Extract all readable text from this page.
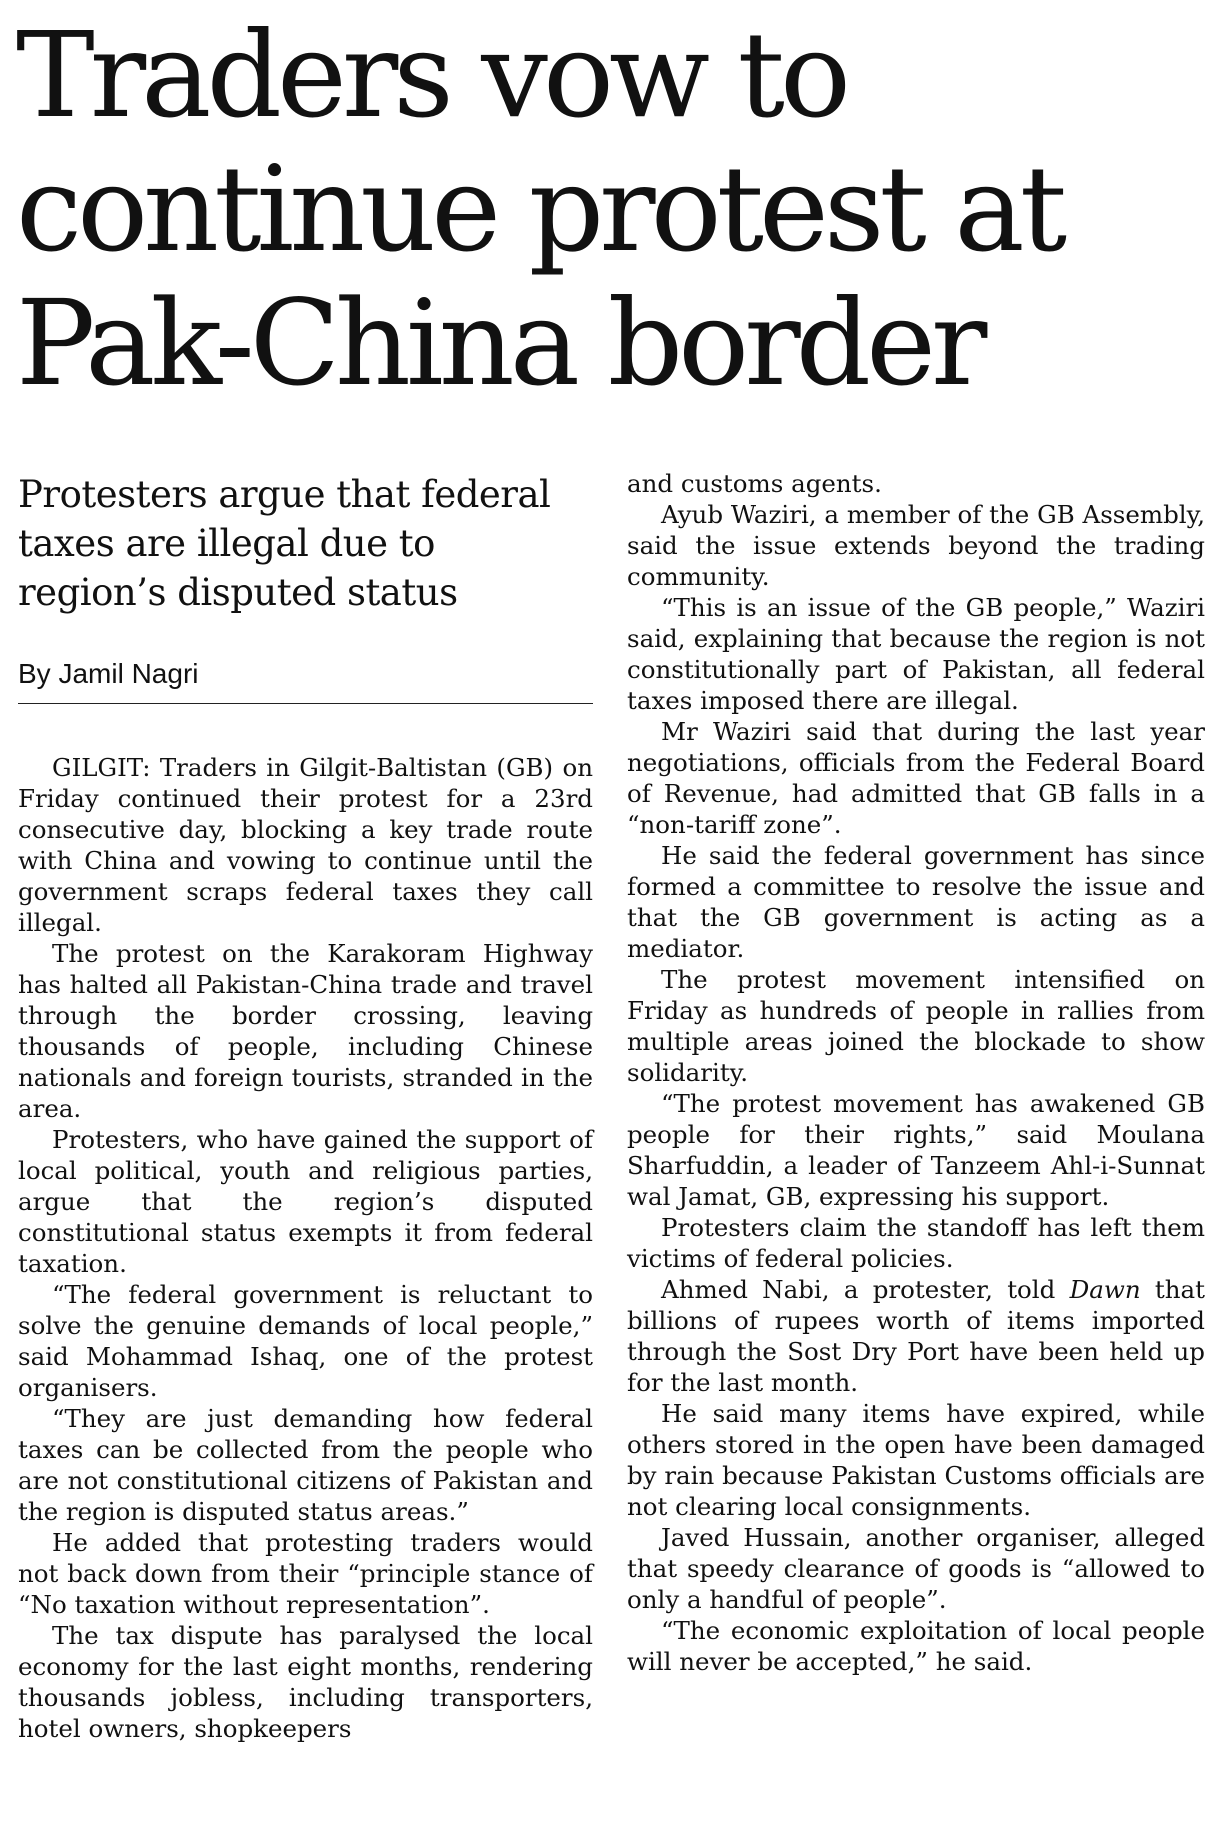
Traders vow to continue protest at Pak-China border

Protesters argue that federal taxes are illegal due to region’s disputed status

By Jamil Nagri

GILGIT: Traders in Gilgit-Baltistan (GB) on Friday continued their protest for a 23rd consecutive day, blocking a key trade route with China and vowing to continue until the government scraps federal taxes they call illegal.

The protest on the Karakoram Highway has halted all Pakistan-China trade and travel through the border crossing, leaving thousands of people, including Chinese nationals and foreign tourists, stranded in the area.

Protesters, who have gained the support of local political, youth and religious parties, argue that the region’s disputed constitutional status exempts it from federal taxation.

“The federal government is reluctant to solve the genuine demands of local people,” said Mohammad Ishaq, one of the protest organisers.

“They are just demanding how federal taxes can be collected from the people who are not constitutional citizens of Pakistan and the region is disputed status areas.”

He added that protesting traders would not back down from their “principle stance of “No taxation without representation”.

The tax dispute has paralysed the local economy for the last eight months, rendering thousands jobless, including transporters, hotel owners, shopkeepers

and customs agents.

Ayub Waziri, a member of the GB Assembly, said the issue extends beyond the trading community.

“This is an issue of the GB people,” Waziri said, explaining that because the region is not constitutionally part of Pakistan, all federal taxes imposed there are illegal.

Mr Waziri said that during the last year negotiations, officials from the Federal Board of Revenue, had admitted that GB falls in a “non-tariff zone”.

He said the federal government has since formed a committee to resolve the issue and that the GB government is acting as a mediator.

The protest movement intensified on Friday as hundreds of people in rallies from multiple areas joined the blockade to show solidarity.

“The protest movement has awakened GB people for their rights,” said Moulana Sharfuddin, a leader of Tanzeem Ahl-i-Sunnat wal Jamat, GB, expressing his support.

Protesters claim the standoff has left them victims of federal policies.

Ahmed Nabi, a protester, told Dawn that billions of rupees worth of items imported through the Sost Dry Port have been held up for the last month.

He said many items have expired, while others stored in the open have been damaged by rain because Pakistan Customs officials are not clearing local consignments.

Javed Hussain, another organiser, alleged that speedy clearance of goods is “allowed to only a handful of people”.

“The economic exploitation of local people will never be accepted,” he said.
